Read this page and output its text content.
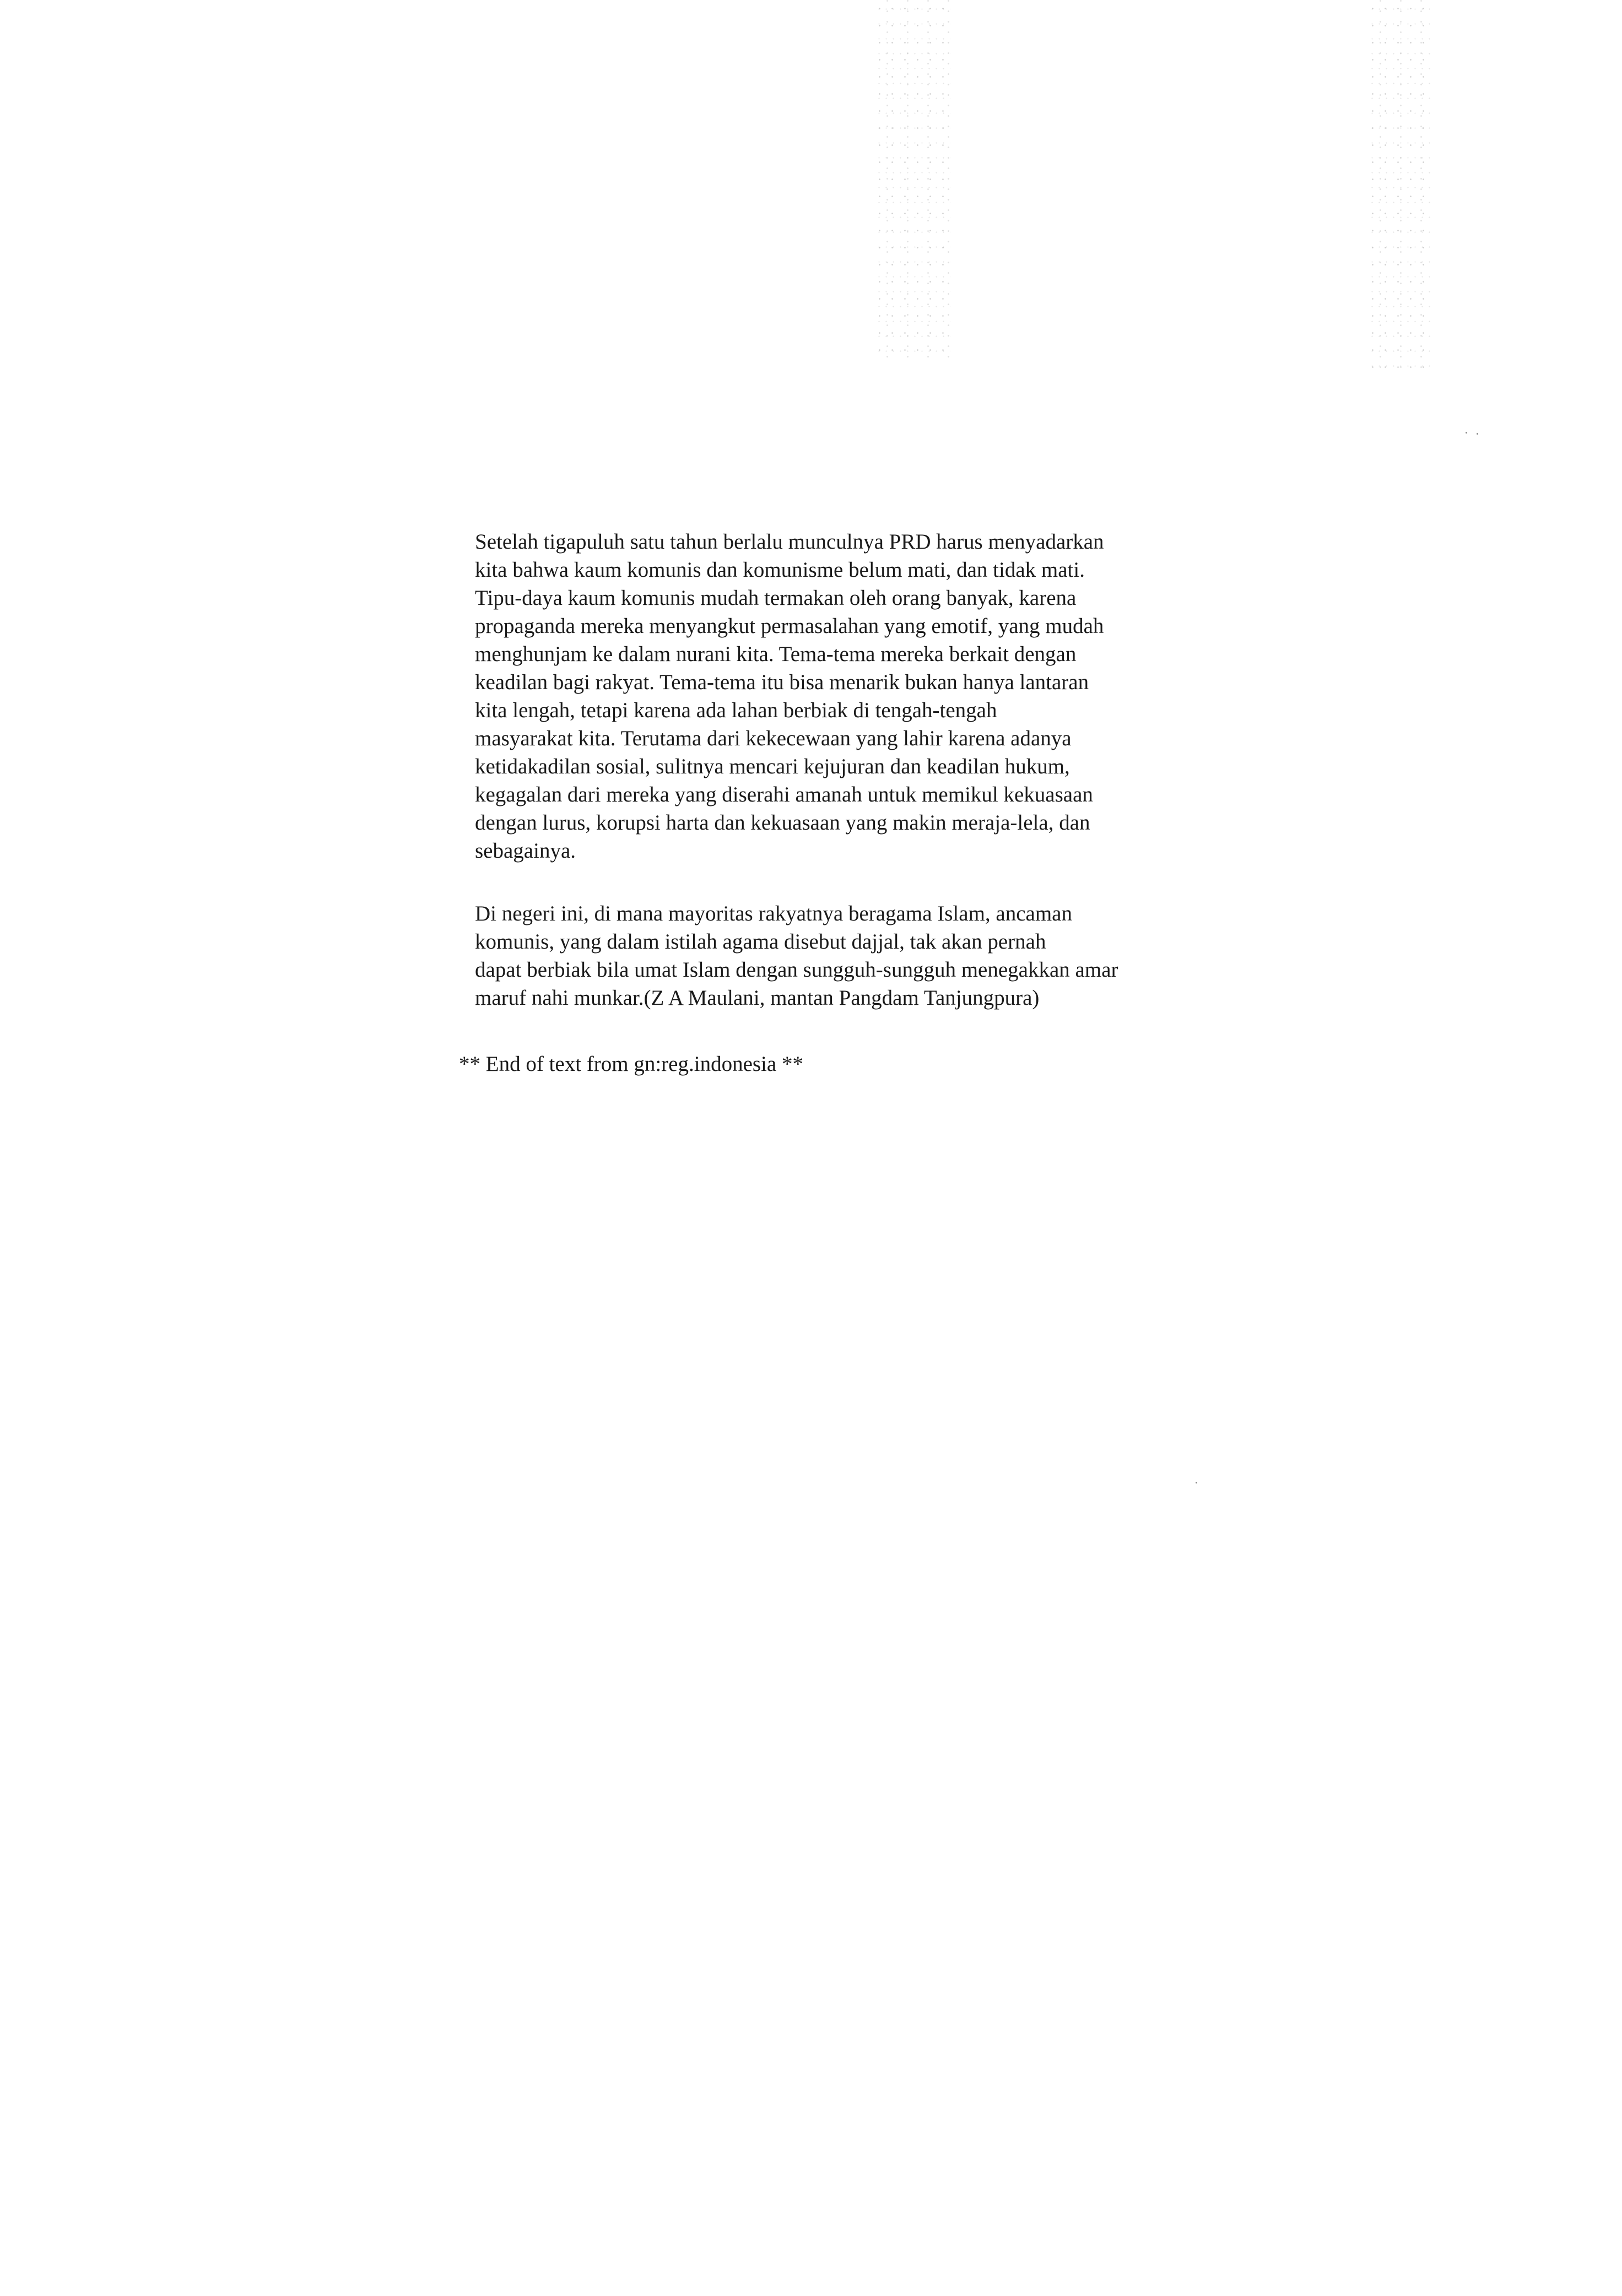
Setelah tigapuluh satu tahun berlalu munculnya PRD harus menyadarkan
kita bahwa kaum komunis dan komunisme belum mati, dan tidak mati.
Tipu-daya kaum komunis mudah termakan oleh orang banyak, karena
propaganda mereka menyangkut permasalahan yang emotif, yang mudah
menghunjam ke dalam nurani kita. Tema-tema mereka berkait dengan
keadilan bagi rakyat. Tema-tema itu bisa menarik bukan hanya lantaran
kita lengah, tetapi karena ada lahan berbiak di tengah-tengah
masyarakat kita. Terutama dari kekecewaan yang lahir karena adanya
ketidakadilan sosial, sulitnya mencari kejujuran dan keadilan hukum,
kegagalan dari mereka yang diserahi amanah untuk memikul kekuasaan
dengan lurus, korupsi harta dan kekuasaan yang makin meraja-lela, dan
sebagainya.
Di negeri ini, di mana mayoritas rakyatnya beragama Islam, ancaman
komunis, yang dalam istilah agama disebut dajjal, tak akan pernah
dapat berbiak bila umat Islam dengan sungguh-sungguh menegakkan amar
maruf nahi munkar.(Z A Maulani, mantan Pangdam Tanjungpura)
** End of text from gn:reg.indonesia **
